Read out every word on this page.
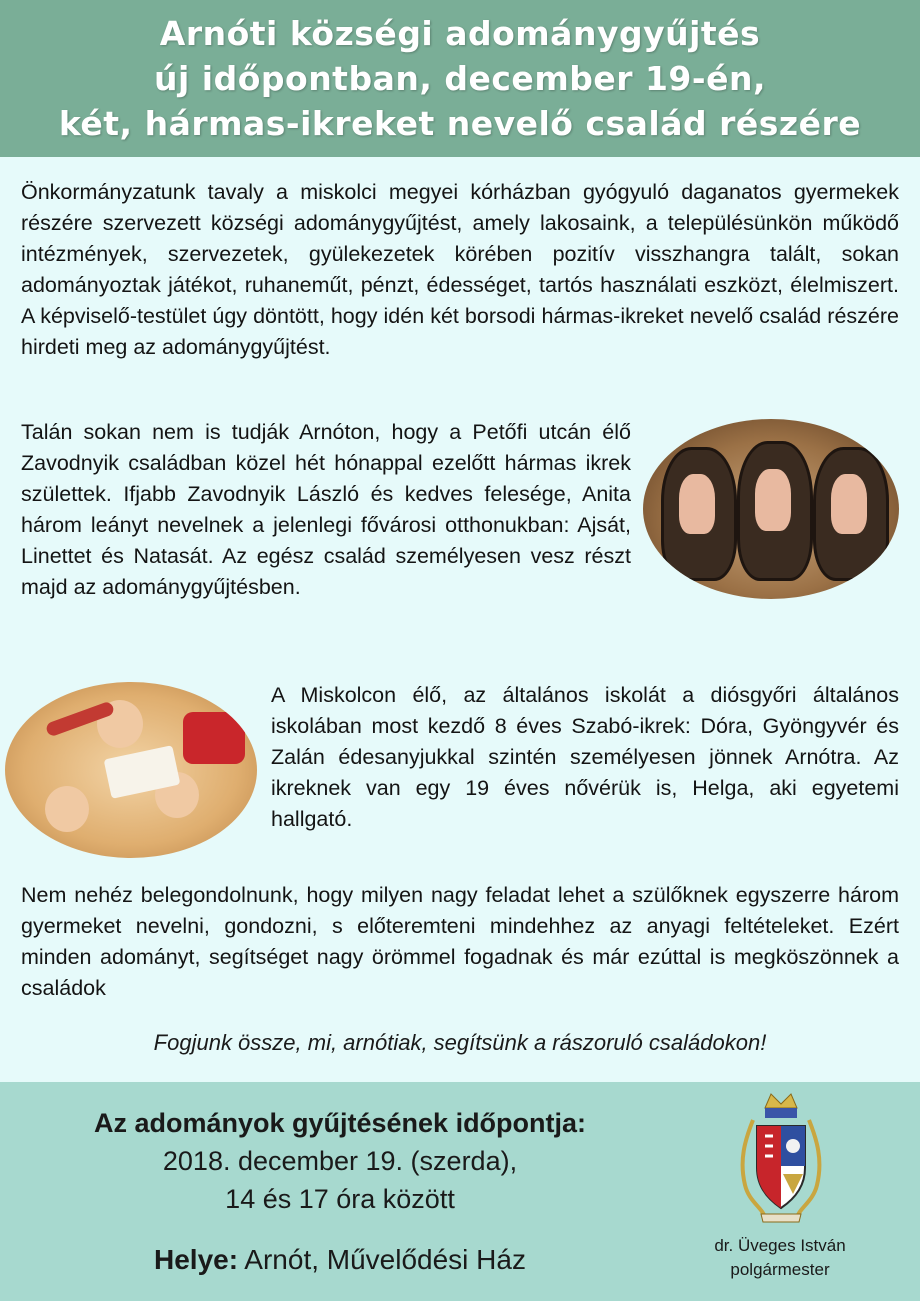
Arnóti községi adománygyűjtés
új időpontban, december 19-én,
két, hármas-ikreket nevelő család részére

Önkormányzatunk tavaly a miskolci megyei kórházban gyógyuló daganatos gyermekek részére szervezett községi adománygyűjtést, amely lakosaink, a településünkön működő intézmények, szervezetek, gyülekezetek körében pozitív visszhangra talált, sokan adományoztak játékot, ruhaneműt, pénzt, édességet, tartós használati eszközt, élelmiszert. A képviselő-testület úgy döntött, hogy idén két borsodi hármas-ikreket nevelő család részére hirdeti meg az adománygyűjtést.

Talán sokan nem is tudják Arnóton, hogy a Petőfi utcán élő Zavodnyik családban közel hét hónappal ezelőtt hármas ikrek születtek. Ifjabb Zavodnyik László és kedves felesége, Anita három leányt nevelnek a jelenlegi fővárosi otthonukban: Ajsát, Linettet és Natasát. Az egész család személyesen vesz részt majd az adománygyűjtésben.

A Miskolcon élő, az általános iskolát a diósgyőri általános iskolában most kezdő 8 éves Szabó-ikrek: Dóra, Gyöngyvér és Zalán édesanyjukkal szintén személyesen jönnek Arnótra. Az ikreknek van egy 19 éves nővérük is, Helga, aki egyetemi hallgató.

Nem nehéz belegondolnunk, hogy milyen nagy feladat lehet a szülőknek egyszerre három gyermeket nevelni, gondozni, s előteremteni mindehhez az anyagi feltételeket. Ezért minden adományt, segítséget nagy örömmel fogadnak és már ezúttal is megköszönnek a családok

Fogjunk össze, mi, arnótiak, segítsünk a rászoruló családokon!
Az adományok gyűjtésének időpontja:
2018. december 19. (szerda),
14 és 17 óra között
Helye: Arnót, Művelődési Ház	dr. Üveges István
polgármester
